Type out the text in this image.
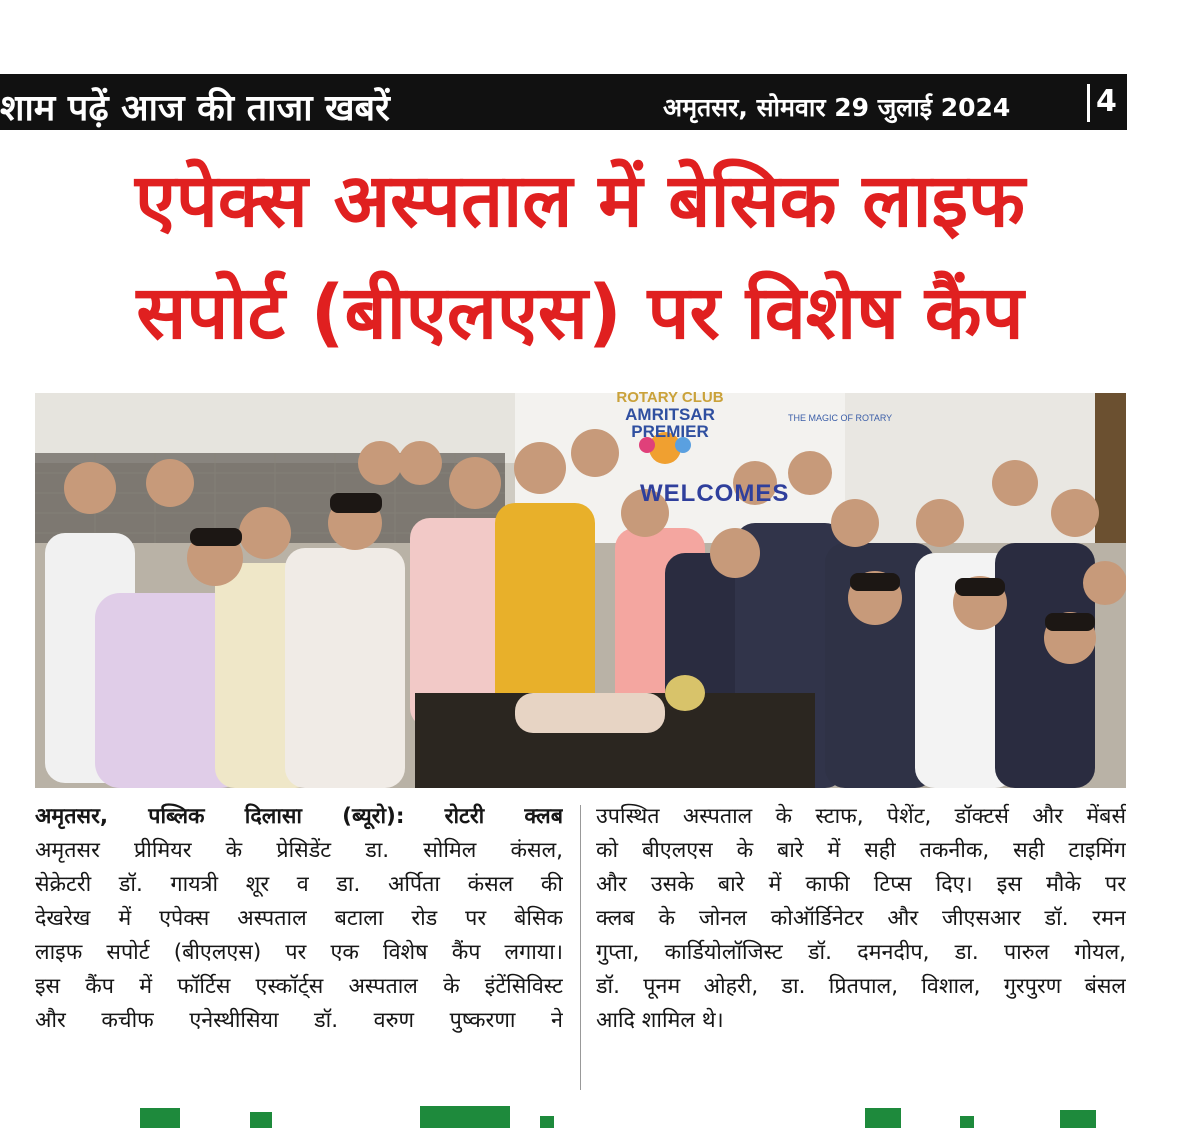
शाम पढ़ें आज की ताजा खबरें	अमृतसर, सोमवार 29 जुलाई 2024	4
एपेक्स अस्पताल में बेसिक लाइफ
सपोर्ट (बीएलएस) पर विशेष कैंप
ROTARY CLUB
AMRITSAR PREMIER
THE MAGIC OF ROTARY
WELCOMES
अमृतसर, पब्लिक दिलासा (ब्यूरो): रोटरी क्लब
अमृतसर प्रीमियर के प्रेसिडेंट डा. सोमिल कंसल,
सेक्रेटरी डॉ. गायत्री शूर व डा. अर्पिता कंसल की
देखरेख में एपेक्स अस्पताल बटाला रोड पर बेसिक
लाइफ सपोर्ट (बीएलएस) पर एक विशेष कैंप लगाया।
इस कैंप में फॉर्टिस एस्कॉर्ट्स अस्पताल के इंटेंसिविस्ट
और कचीफ एनेस्थीसिया डॉ. वरुण पुष्करणा ने
उपस्थित अस्पताल के स्टाफ, पेशेंट, डॉक्टर्स और मेंबर्स
को बीएलएस के बारे में सही तकनीक, सही टाइमिंग
और उसके बारे में काफी टिप्स दिए। इस मौके पर
क्लब के जोनल कोऑर्डिनेटर और जीएसआर डॉ. रमन
गुप्ता, कार्डियोलॉजिस्ट डॉ. दमनदीप, डा. पारुल गोयल,
डॉ. पूनम ओहरी, डा. प्रितपाल, विशाल, गुरपुरण बंसल
आदि शामिल थे।
